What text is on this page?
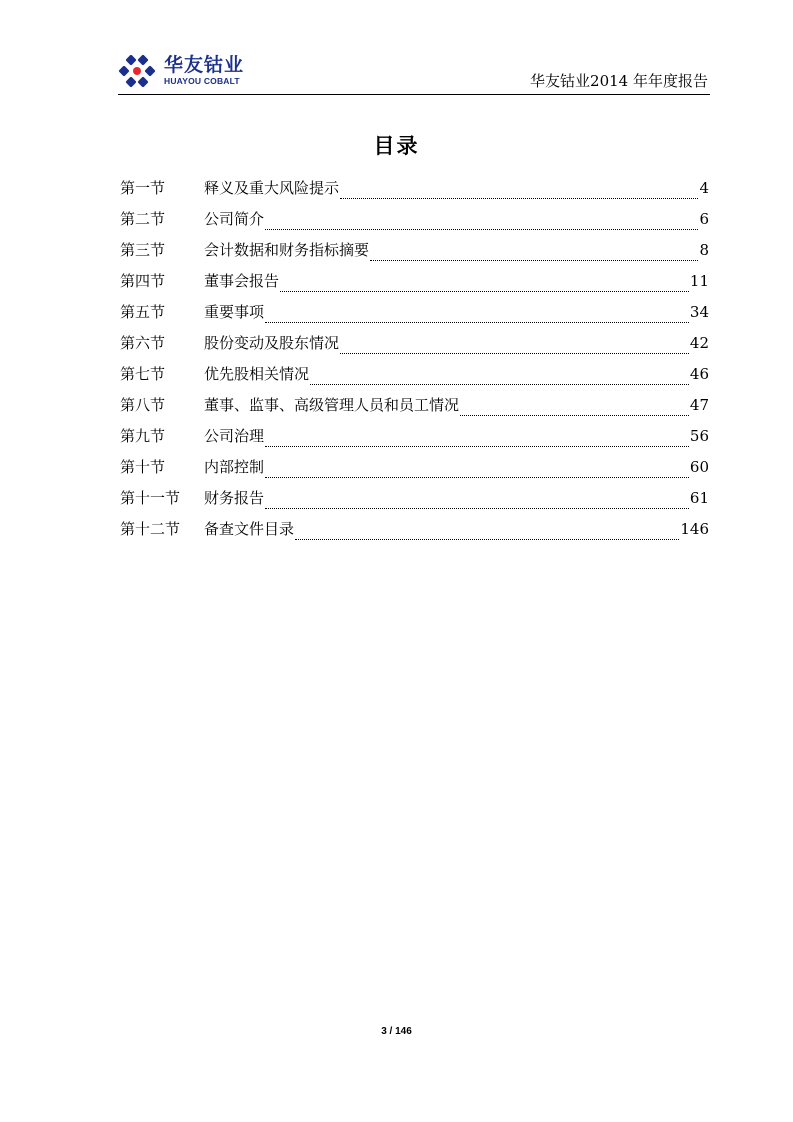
华友钴业
HUAYOU COBALT	华友钴业2014 年年度报告
目录
第一节	释义及重大风险提示	4
第二节	公司简介	6
第三节	会计数据和财务指标摘要	8
第四节	董事会报告	11
第五节	重要事项	34
第六节	股份变动及股东情况	42
第七节	优先股相关情况	46
第八节	董事、监事、高级管理人员和员工情况	47
第九节	公司治理	56
第十节	内部控制	60
第十一节	财务报告	61
第十二节	备查文件目录	146
3 / 146
